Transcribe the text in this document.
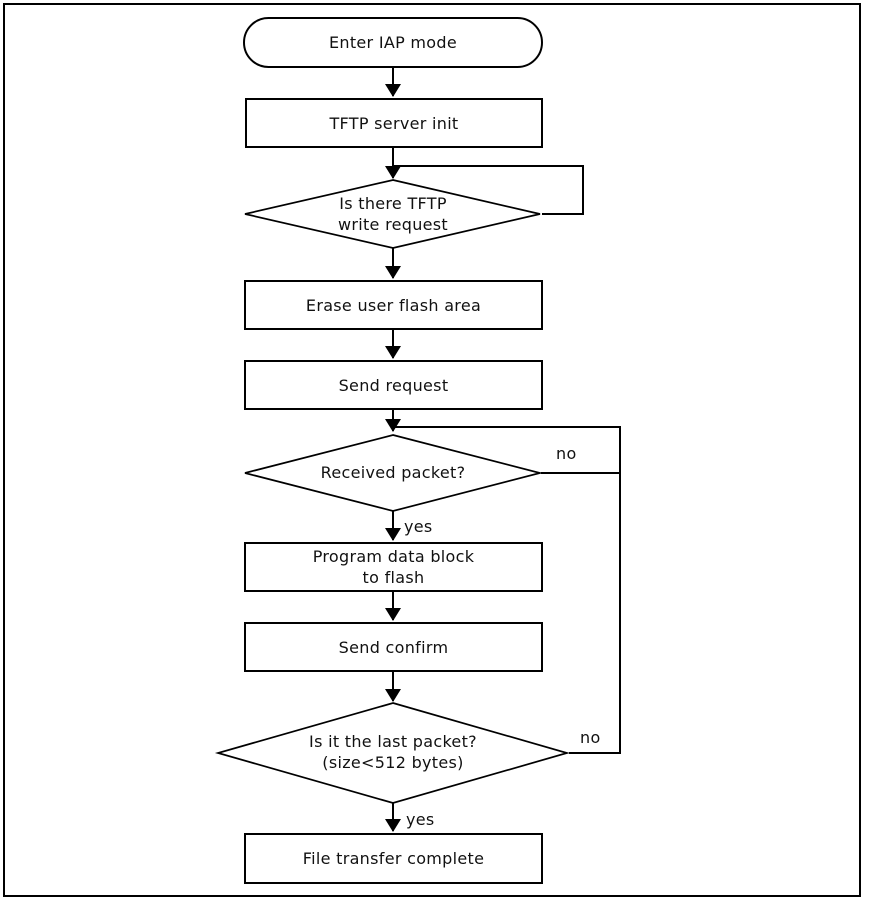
Enter IAP mode
TFTP server init
Erase user flash area
Send request
Program data block
to flash
Send confirm
File transfer complete
Is there TFTP
write request
Received packet?
Is it the last packet?
(size<512 bytes)
no
yes
no
yes
